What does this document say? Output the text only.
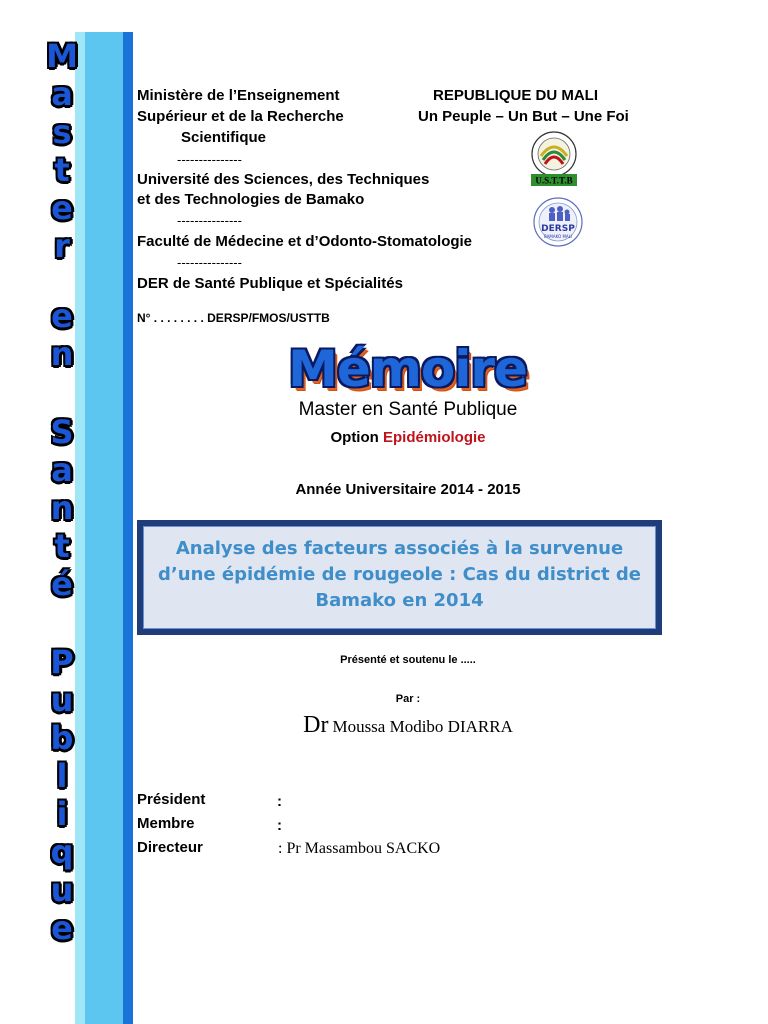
M
a
s
t
e
r
e
n
S
a
n
t
é
P
u
b
l
i
q
u
e
Ministère de l’Enseignement
Supérieur et de la Recherche
Scientifique
---------------
Université des Sciences, des Techniques
et des Technologies de Bamako
---------------
Faculté de Médecine et d’Odonto-Stomatologie
---------------
DER de Santé Publique et Spécialités
N° . . . . . . . . DERSP/FMOS/USTTB
REPUBLIQUE DU MALI
Un Peuple – Un But – Une Foi
U.S.T.T.B
DERSP
BAMAKO MALI
Mémoire
Master en Santé Publique
Option Epidémiologie
Année Universitaire 2014 - 2015
Analyse des facteurs associés à la survenue
d’une épidémie de rougeole : Cas du district de
Bamako en 2014
Présenté et soutenu le .....
Par :
Dr Moussa Modibo DIARRA
Président	:
Membre	:
Directeur	: Pr Massambou SACKO
